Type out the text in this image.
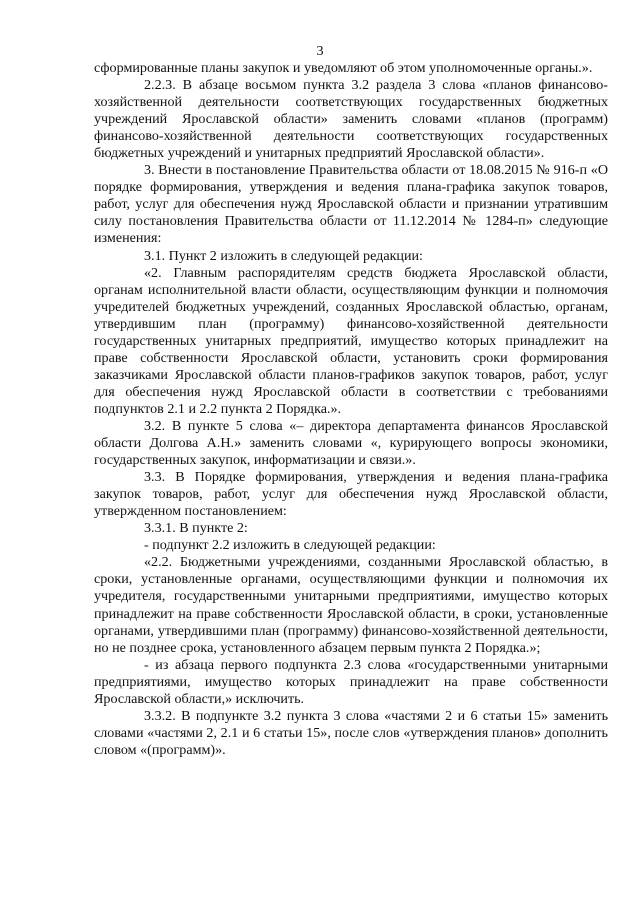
3

сформированные планы закупок и уведомляют об этом уполномоченные органы.».

2.2.3. В абзаце восьмом пункта 3.2 раздела 3 слова «планов финансово-хозяйственной деятельности соответствующих государственных бюджетных учреждений Ярославской области» заменить словами «планов (программ) финансово-хозяйственной деятельности соответствующих государственных бюджетных учреждений и унитарных предприятий Ярославской области».

3. Внести в постановление Правительства области от 18.08.2015 № 916-п «О порядке формирования, утверждения и ведения плана-графика закупок товаров, работ, услуг для обеспечения нужд Ярославской области и признании утратившим силу постановления Правительства области от 11.12.2014 № 1284-п» следующие изменения:

3.1. Пункт 2 изложить в следующей редакции:

«2. Главным распорядителям средств бюджета Ярославской области, органам исполнительной власти области, осуществляющим функции и полномочия учредителей бюджетных учреждений, созданных Ярославской областью, органам, утвердившим план (программу) финансово-хозяйственной деятельности государственных унитарных предприятий, имущество которых принадлежит на праве собственности Ярославской области, установить сроки формирования заказчиками Ярославской области планов-графиков закупок товаров, работ, услуг для обеспечения нужд Ярославской области в соответствии с требованиями подпунктов 2.1 и 2.2 пункта 2 Порядка.».

3.2. В пункте 5 слова «– директора департамента финансов Ярославской области Долгова А.Н.» заменить словами «, курирующего вопросы экономики, государственных закупок, информатизации и связи.».

3.3. В Порядке формирования, утверждения и ведения плана-графика закупок товаров, работ, услуг для обеспечения нужд Ярославской области, утвержденном постановлением:

3.3.1. В пункте 2:

- подпункт 2.2 изложить в следующей редакции:

«2.2. Бюджетными учреждениями, созданными Ярославской областью, в сроки, установленные органами, осуществляющими функции и полномочия их учредителя, государственными унитарными предприятиями, имущество которых принадлежит на праве собственности Ярославской области, в сроки, установленные органами, утвердившими план (программу) финансово-хозяйственной деятельности, но не позднее срока, установленного абзацем первым пункта 2 Порядка.»;

- из абзаца первого подпункта 2.3 слова «государственными унитарными предприятиями, имущество которых принадлежит на праве собственности Ярославской области,» исключить.

3.3.2. В подпункте 3.2 пункта 3 слова «частями 2 и 6 статьи 15» заменить словами «частями 2, 2.1 и 6 статьи 15», после слов «утверждения планов» дополнить словом «(программ)».
